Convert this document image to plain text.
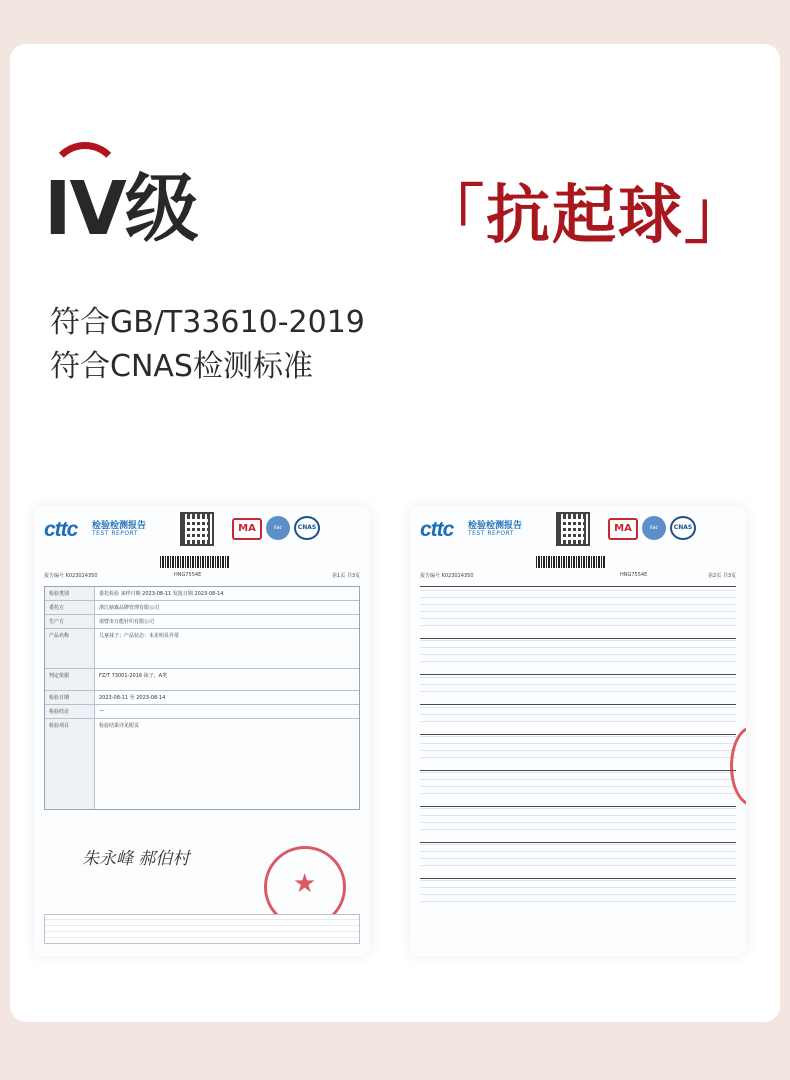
IV级	「抗起球」
符合GB/T33610-2019
符合CNAS检测标准
cttc 检验检测报告
TEST REPORT	MA	ilac	CNAS
报告编号 K023024350	HNG7554E	第1页 共3页
检验类别	委托检验 来样日期 2023-08-11 发报日期 2023-08-14
委托方	浙江鼎森品牌管理有限公司
生产方	诸暨市万能针织有限公司
产品名称	儿童袜子；产品状态：未见明显异常
判定依据	FZ/T 73001-2016 袜子，A类
检验日期	2023-08-11 至 2023-08-14
检验结论	—
检验项目	检验结果详见附页
朱永峰 郝伯村
★
cttc 检验检测报告
TEST REPORT	MA	ilac	CNAS
报告编号 K023024350	HNG7554E	第2页 共3页
